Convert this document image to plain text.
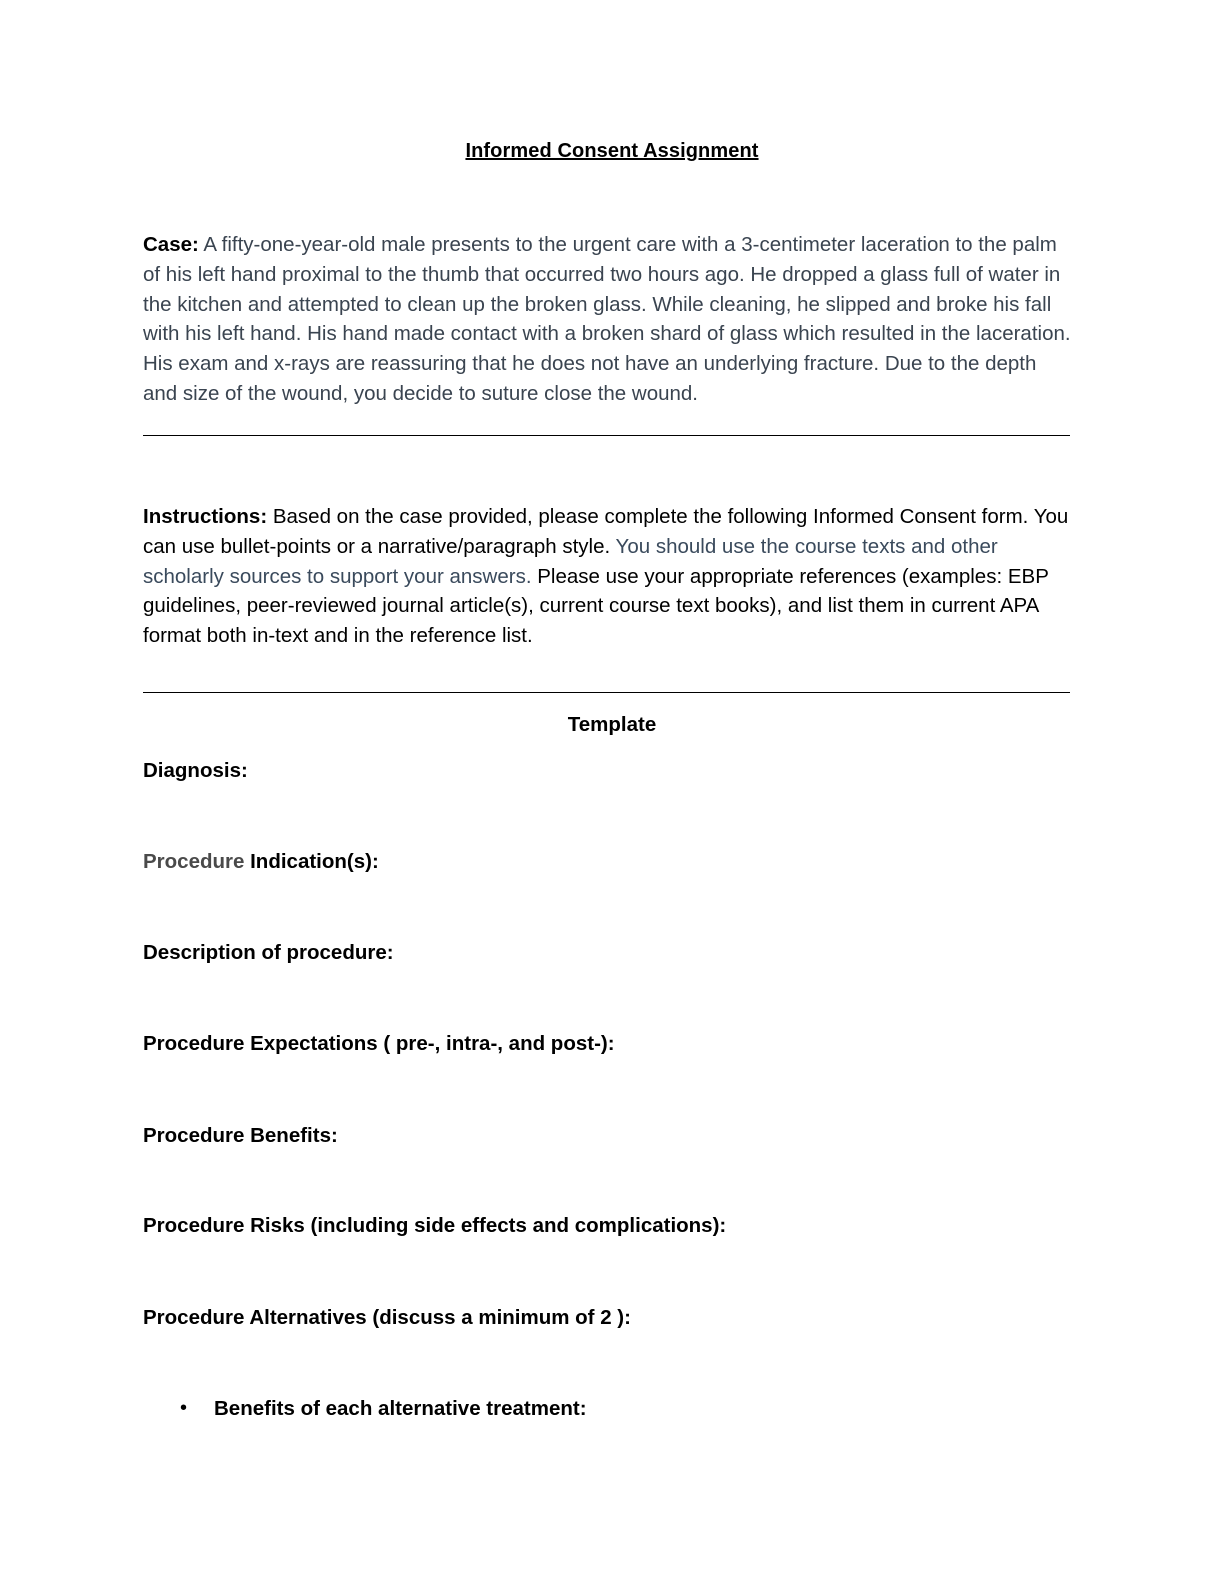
Informed Consent Assignment

Case: A fifty-one-year-old male presents to the urgent care with a 3-centimeter laceration to the palm of his left hand proximal to the thumb that occurred two hours ago. He dropped a glass full of water in the kitchen and attempted to clean up the broken glass. While cleaning, he slipped and broke his fall with his left hand. His hand made contact with a broken shard of glass which resulted in the laceration. His exam and x-rays are reassuring that he does not have an underlying fracture. Due to the depth and size of the wound, you decide to suture close the wound.

Instructions: Based on the case provided, please complete the following Informed Consent form. You can use bullet-points or a narrative/paragraph style. You should use the course texts and other scholarly sources to support your answers. Please use your appropriate references (examples: EBP guidelines, peer-reviewed journal article(s), current course text books), and list them in current APA format both in-text and in the reference list.

Template
Diagnosis:
Procedure Indication(s):
Description of procedure:
Procedure Expectations ( pre-, intra-, and post-):
Procedure Benefits:
Procedure Risks (including side effects and complications):
Procedure Alternatives (discuss a minimum of 2 ):
• Benefits of each alternative treatment:
